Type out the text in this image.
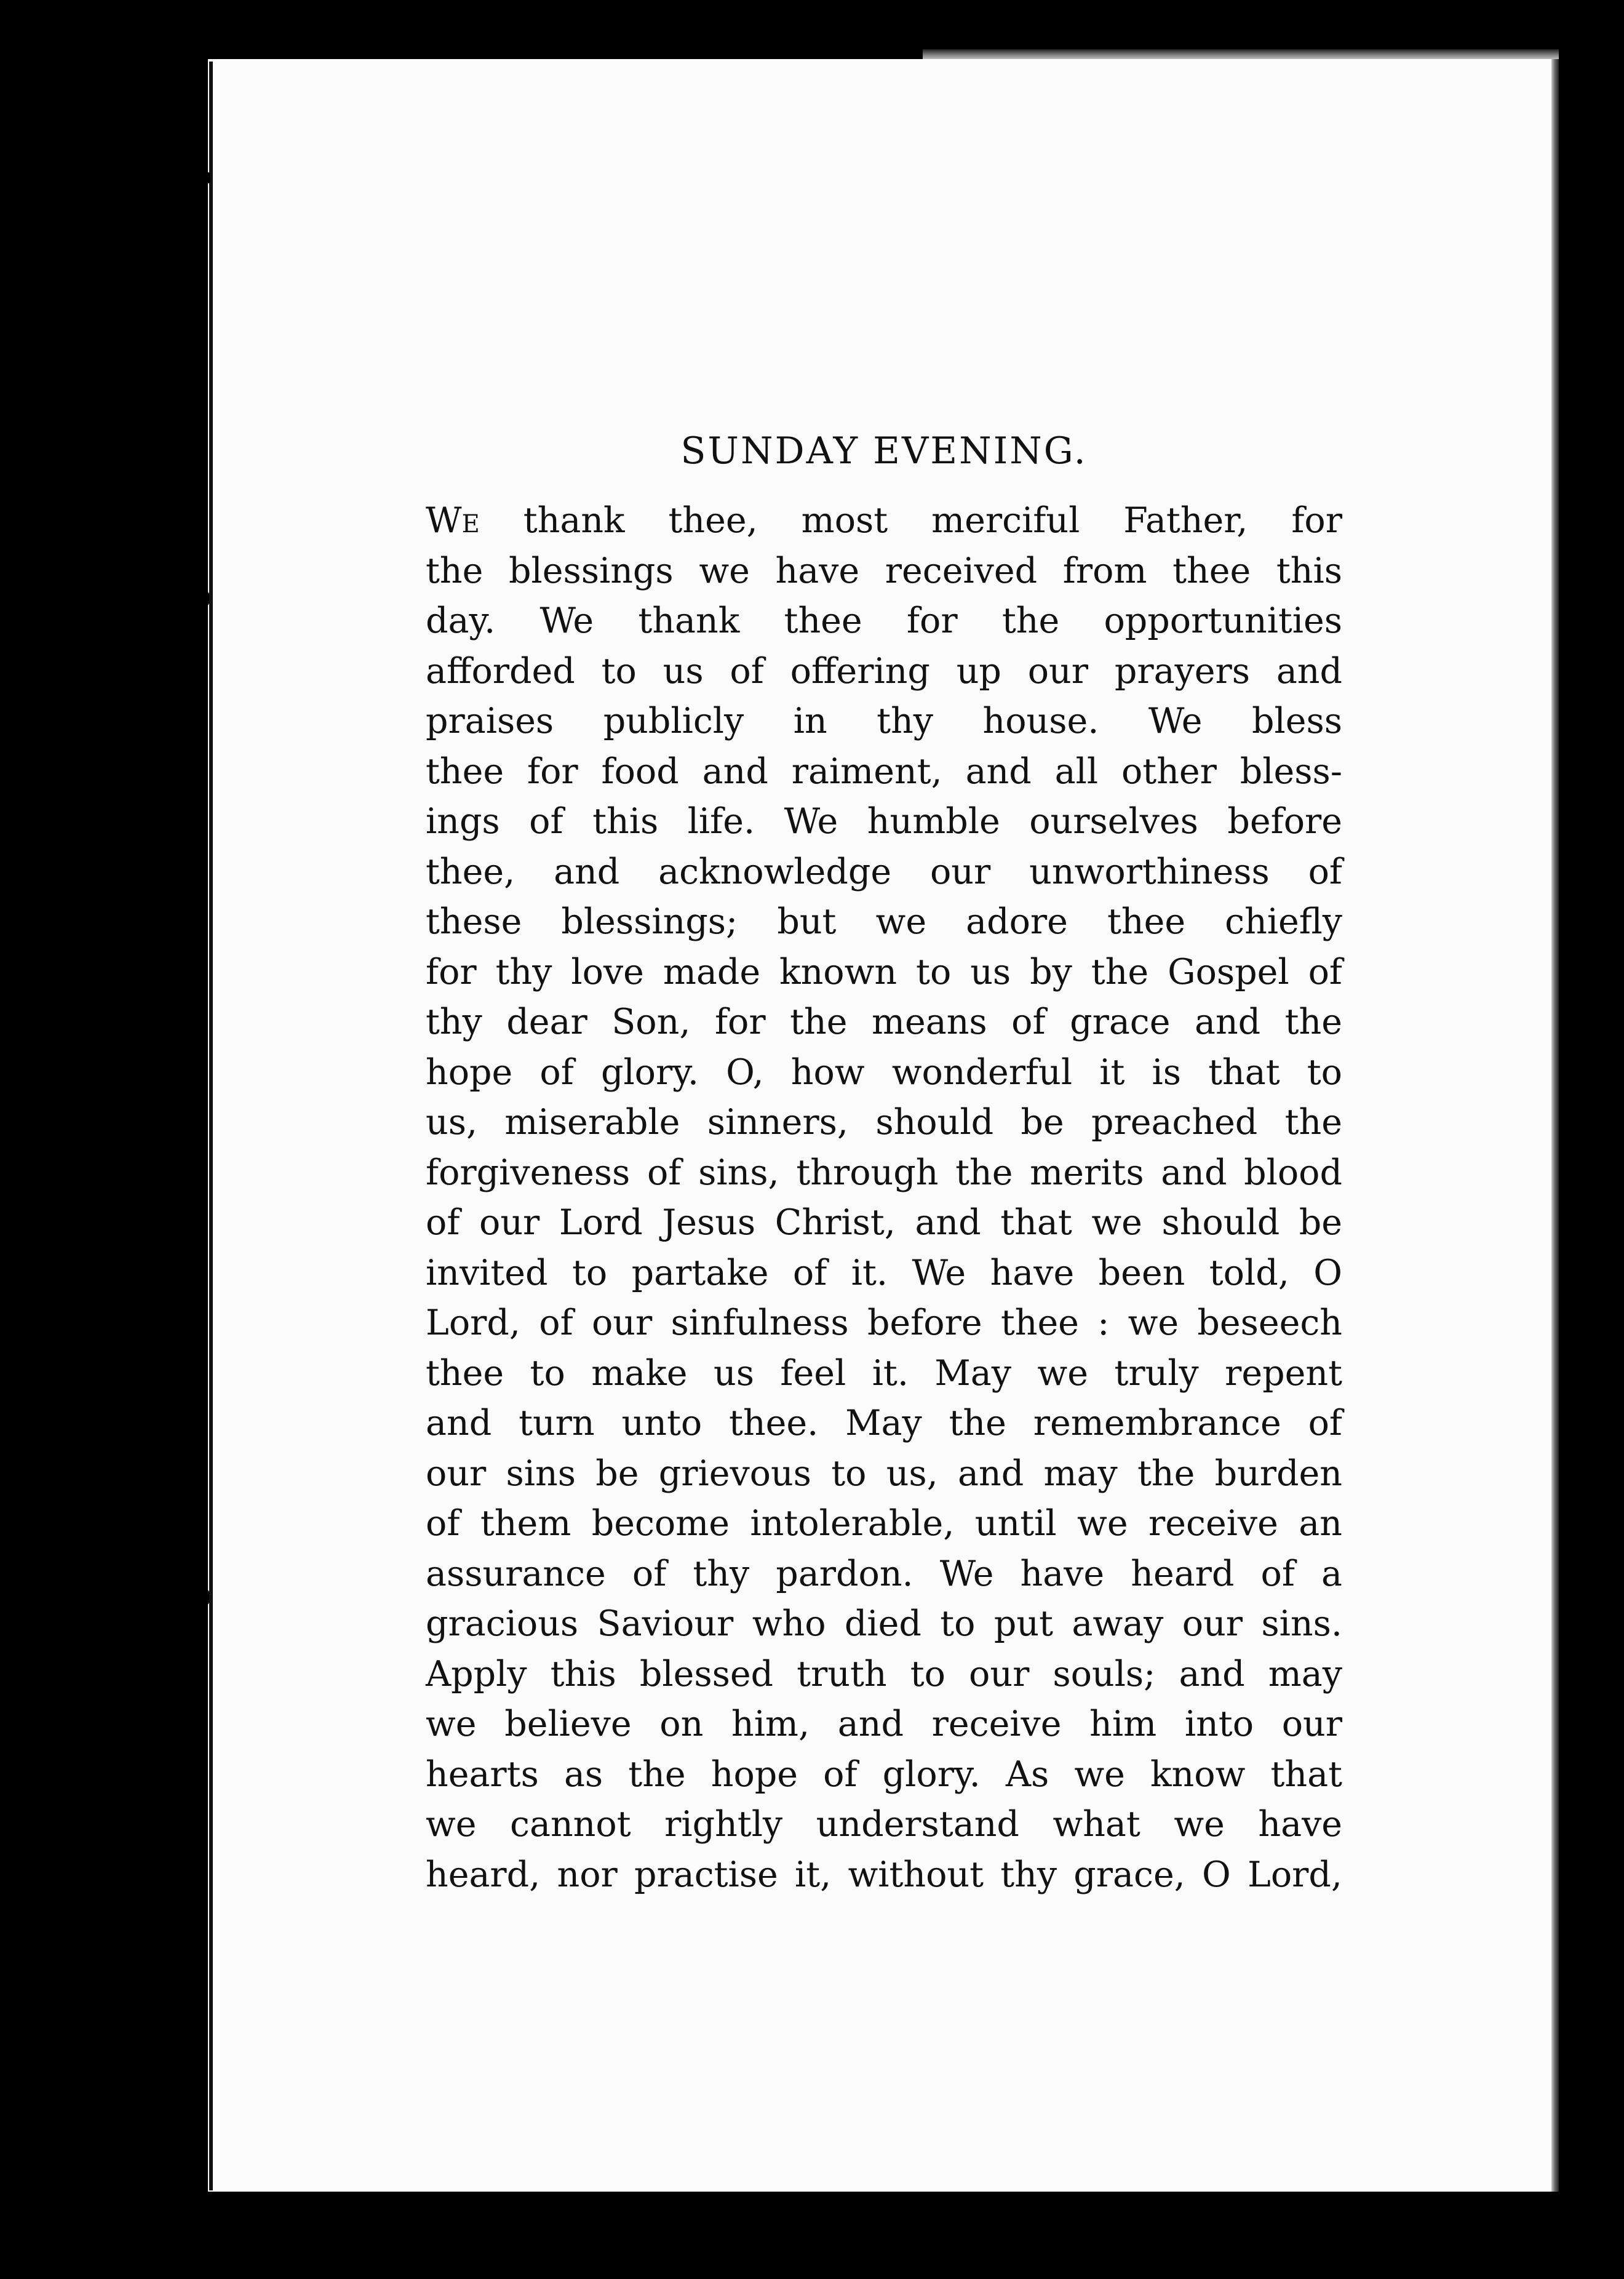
SUNDAY EVENING.
We thank thee, most merciful Father, for
the blessings we have received from thee this
day. We thank thee for the opportunities
afforded to us of offering up our prayers and
praises publicly in thy house. We bless
thee for food and raiment, and all other bless-
ings of this life. We humble ourselves before
thee, and acknowledge our unworthiness of
these blessings; but we adore thee chiefly
for thy love made known to us by the Gospel of
thy dear Son, for the means of grace and the
hope of glory. O, how wonderful it is that to
us, miserable sinners, should be preached the
forgiveness of sins, through the merits and blood
of our Lord Jesus Christ, and that we should be
invited to partake of it. We have been told, O
Lord, of our sinfulness before thee : we beseech
thee to make us feel it. May we truly repent
and turn unto thee. May the remembrance of
our sins be grievous to us, and may the burden
of them become intolerable, until we receive an
assurance of thy pardon. We have heard of a
gracious Saviour who died to put away our sins.
Apply this blessed truth to our souls; and may
we believe on him, and receive him into our
hearts as the hope of glory. As we know that
we cannot rightly understand what we have
heard, nor practise it, without thy grace, O Lord,
